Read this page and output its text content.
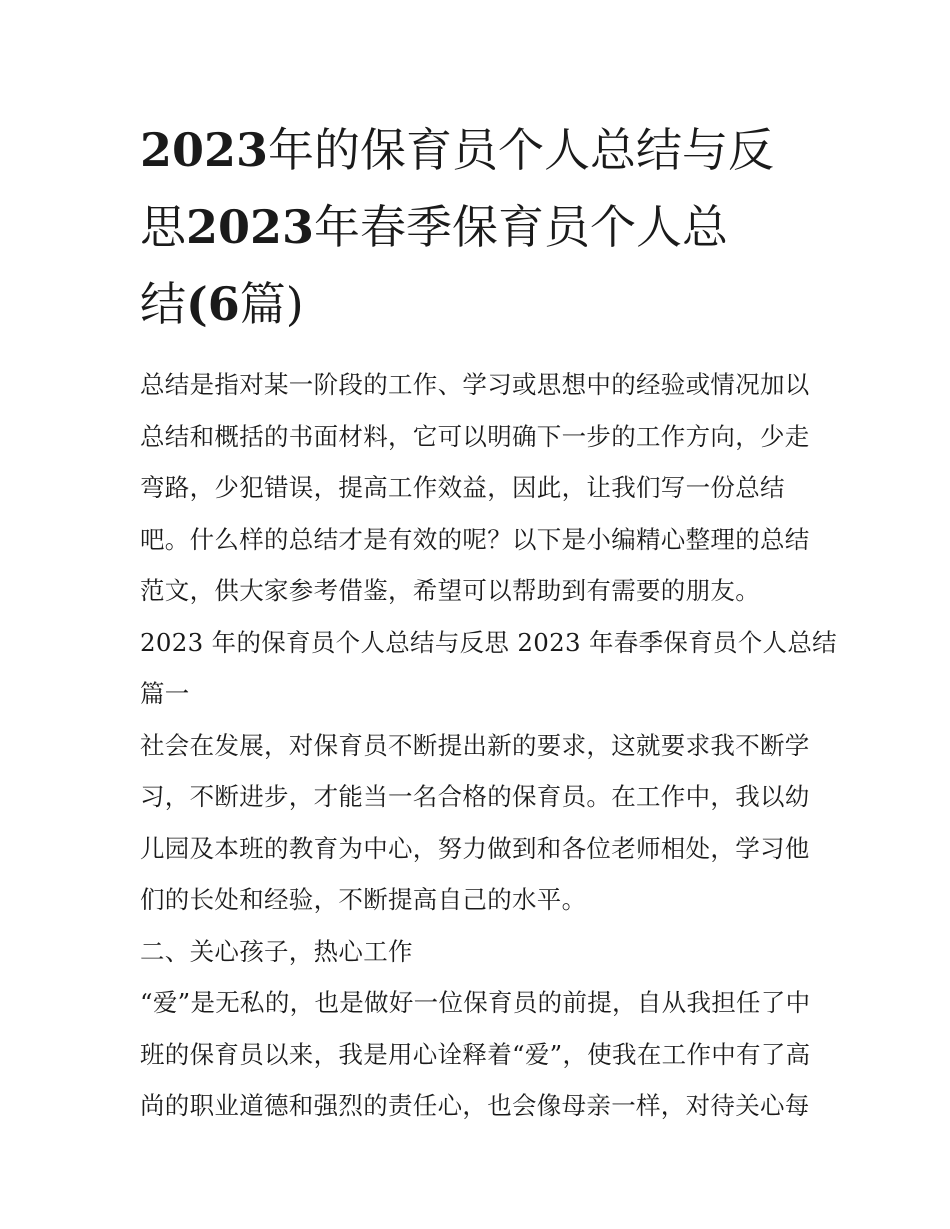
2023年的保育员个人总结与反
思2023年春季保育员个人总
结(6篇)

总结是指对某一阶段的工作、学习或思想中的经验或情况加以
总结和概括的书面材料，它可以明确下一步的工作方向，少走
弯路，少犯错误，提高工作效益，因此，让我们写一份总结
吧。什么样的总结才是有效的呢？以下是小编精心整理的总结
范文，供大家参考借鉴，希望可以帮助到有需要的朋友。

2023 年的保育员个人总结与反思 2023 年春季保育员个人总结
篇一

社会在发展，对保育员不断提出新的要求，这就要求我不断学
习，不断进步，才能当一名合格的保育员。在工作中，我以幼
儿园及本班的教育为中心，努力做到和各位老师相处，学习他
们的长处和经验，不断提高自己的水平。

二、关心孩子，热心工作

“爱”是无私的，也是做好一位保育员的前提，自从我担任了中
班的保育员以来，我是用心诠释着“爱”，使我在工作中有了高
尚的职业道德和强烈的责任心，也会像母亲一样，对待关心每
